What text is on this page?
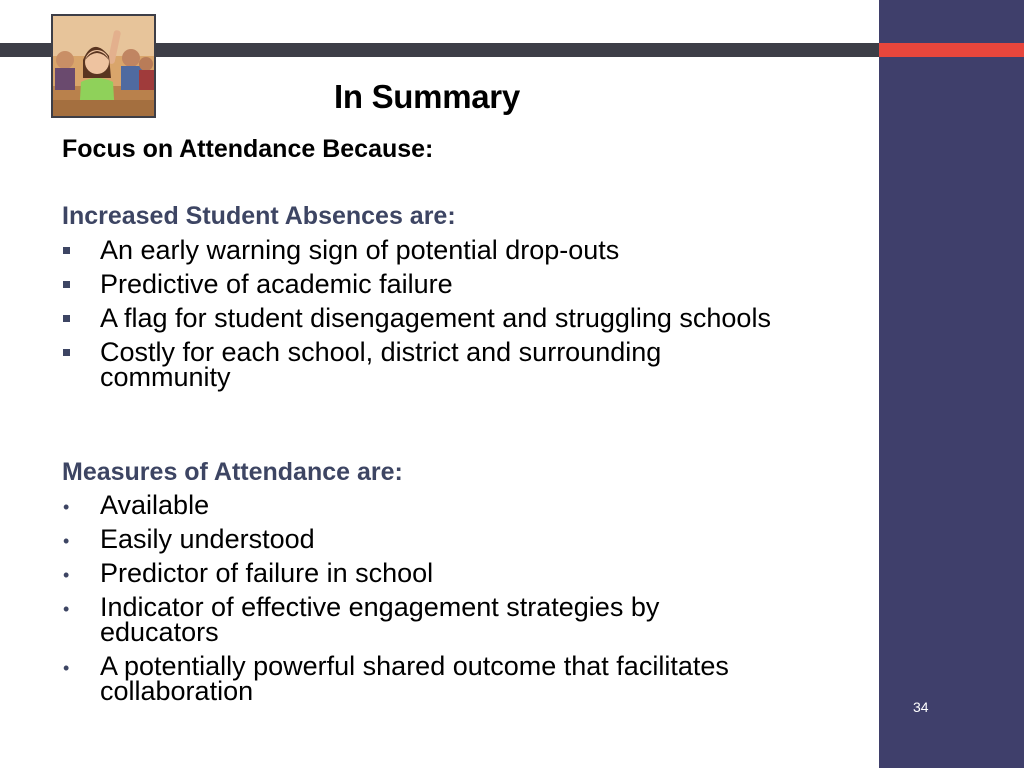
In Summary
Focus on Attendance Because:
Increased Student Absences are:
An early warning sign of potential drop-outs
Predictive of academic failure
A flag for student disengagement and struggling schools
Costly for each school, district and surrounding community
Measures of Attendance are:
• Available
• Easily understood
• Predictor of failure in school
• Indicator of effective engagement strategies by educators
• A potentially powerful shared outcome that facilitates collaboration
34
